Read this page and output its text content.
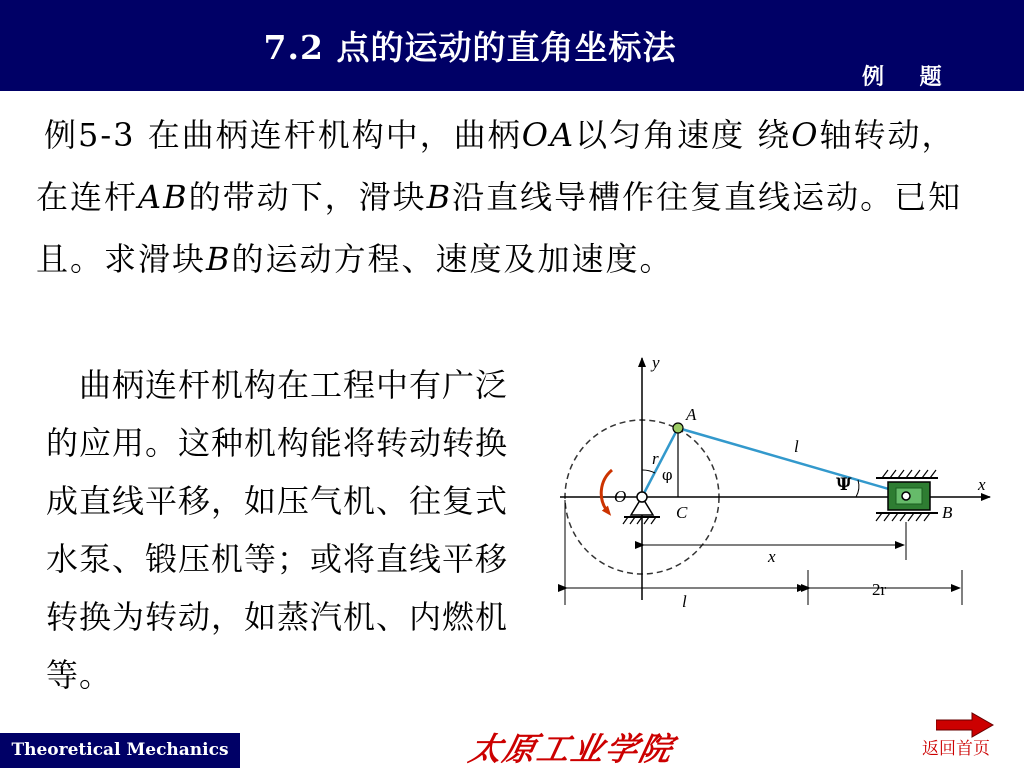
7.2 点的运动的直角坐标法
例 题
例5-3 在曲柄连杆机构中，曲柄OA以匀角速度 绕O轴转动，在连杆AB的带动下，滑块B沿直线导槽作往复直线运动。已知且。求滑块B的运动方程、速度及加速度。
　曲柄连杆机构在工程中有广泛的应用。这种机构能将转动转换成直线平移，如压气机、往复式水泵、锻压机等；或将直线平移转换为转动，如蒸汽机、内燃机等。
y
x
A
O
C	B
r
φ
l
Ψ
x
l
2r
Theoretical Mechanics	太原工业学院	返回首页
